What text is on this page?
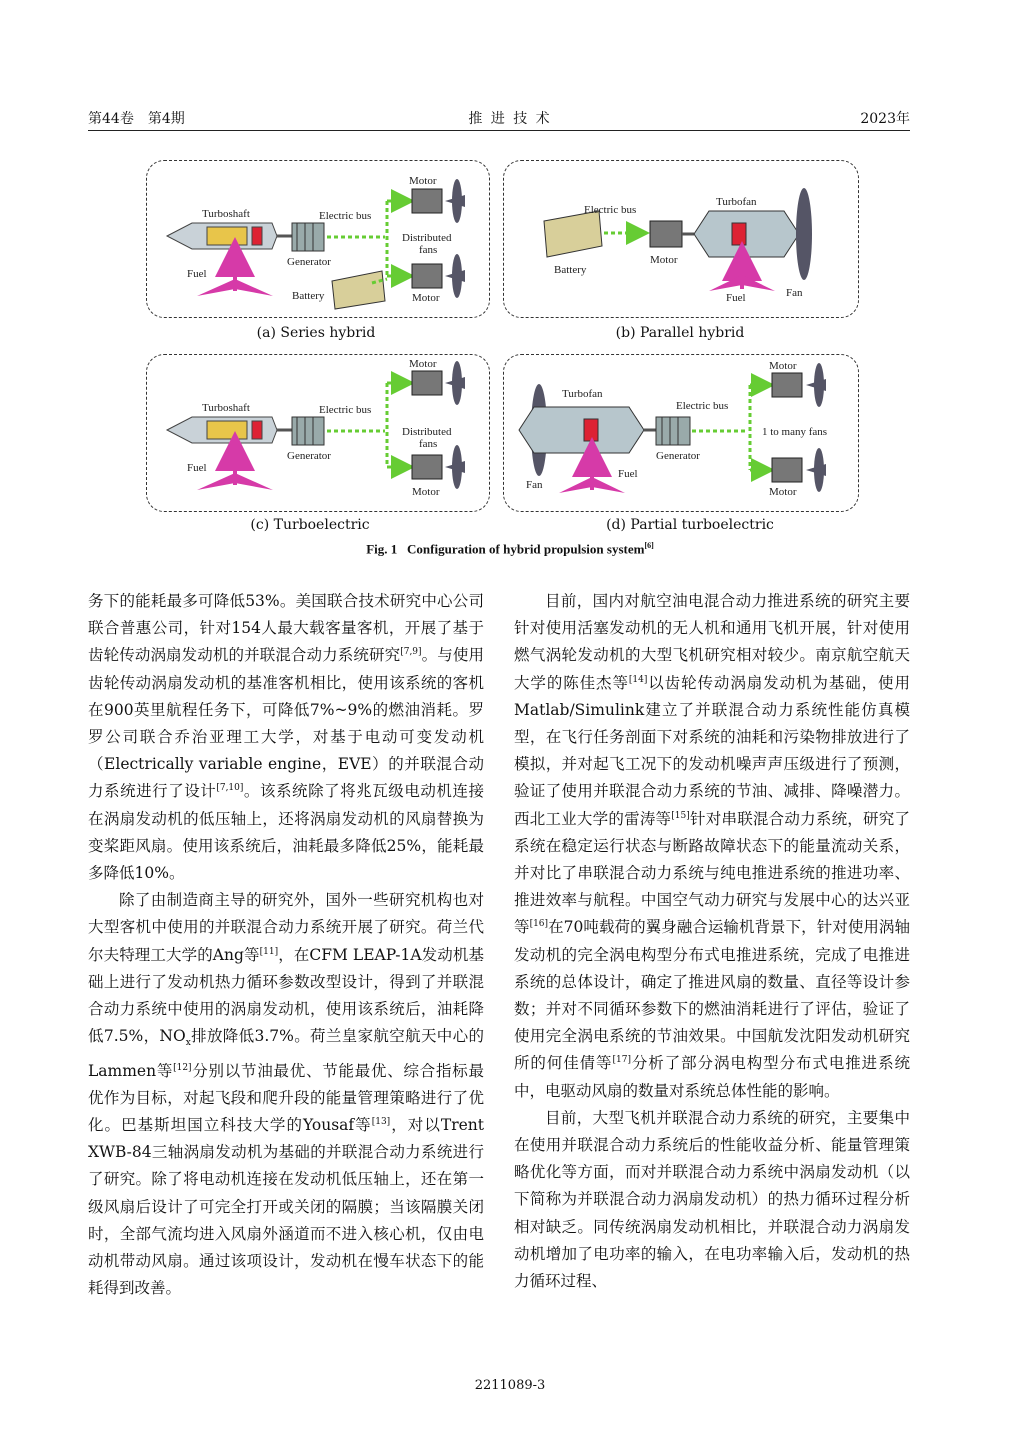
第44卷　第4期	推 进 技 术	2023年
Turboshaft	Electric bus
Motor
Distributed
fans
Generator
Fuel
Battery	Motor
(a) Series hybrid
Electric bus
Turbofan
Battery
Motor
Fuel	Fan
(b) Parallel hybrid
Turboshaft	Electric bus
Motor
Distributed
fans
Generator
Fuel
Motor
(c) Turboelectric
Turbofan
Electric bus
Motor
1 to many fans
Generator
Fuel
Fan
Motor
(d) Partial turboelectric
Fig. 1 Configuration of hybrid propulsion system[6]

务下的能耗最多可降低53%。美国联合技术研究中心公司联合普惠公司，针对154人最大载客量客机，开展了基于齿轮传动涡扇发动机的并联混合动力系统研究[7,9]。与使用齿轮传动涡扇发动机的基准客机相比，使用该系统的客机在900英里航程任务下，可降低7%~9%的燃油消耗。罗罗公司联合乔治亚理工大学，对基于电动可变发动机（Electrically variable engine，EVE）的并联混合动力系统进行了设计[7,10]。该系统除了将兆瓦级电动机连接在涡扇发动机的低压轴上，还将涡扇发动机的风扇替换为变桨距风扇。使用该系统后，油耗最多降低25%，能耗最多降低10%。

除了由制造商主导的研究外，国外一些研究机构也对大型客机中使用的并联混合动力系统开展了研究。荷兰代尔夫特理工大学的Ang等[11]，在CFM LEAP-1A发动机基础上进行了发动机热力循环参数改型设计，得到了并联混合动力系统中使用的涡扇发动机，使用该系统后，油耗降低7.5%，$NO_x$排放降低3.7%。荷兰皇家航空航天中心的Lammen等[12]分别以节油最优、节能最优、综合指标最优作为目标，对起飞段和爬升段的能量管理策略进行了优化。巴基斯坦国立科技大学的Yousaf等[13]，对以Trent XWB-84三轴涡扇发动机为基础的并联混合动力系统进行了研究。除了将电动机连接在发动机低压轴上，还在第一级风扇后设计了可完全打开或关闭的隔膜；当该隔膜关闭时，全部气流均进入风扇外涵道而不进入核心机，仅由电动机带动风扇。通过该项设计，发动机在慢车状态下的能耗得到改善。

目前，国内对航空油电混合动力推进系统的研究主要针对使用活塞发动机的无人机和通用飞机开展，针对使用燃气涡轮发动机的大型飞机研究相对较少。南京航空航天大学的陈佳杰等[14]以齿轮传动涡扇发动机为基础，使用Matlab/Simulink建立了并联混合动力系统性能仿真模型，在飞行任务剖面下对系统的油耗和污染物排放进行了模拟，并对起飞工况下的发动机噪声声压级进行了预测，验证了使用并联混合动力系统的节油、减排、降噪潜力。西北工业大学的雷涛等[15]针对串联混合动力系统，研究了系统在稳定运行状态与断路故障状态下的能量流动关系，并对比了串联混合动力系统与纯电推进系统的推进功率、推进效率与航程。中国空气动力研究与发展中心的达兴亚等[16]在70吨载荷的翼身融合运输机背景下，针对使用涡轴发动机的完全涡电构型分布式电推进系统，完成了电推进系统的总体设计，确定了推进风扇的数量、直径等设计参数；并对不同循环参数下的燃油消耗进行了评估，验证了使用完全涡电系统的节油效果。中国航发沈阳发动机研究所的何佳倩等[17]分析了部分涡电构型分布式电推进系统中，电驱动风扇的数量对系统总体性能的影响。

目前，大型飞机并联混合动力系统的研究，主要集中在使用并联混合动力系统后的性能收益分析、能量管理策略优化等方面，而对并联混合动力系统中涡扇发动机（以下简称为并联混合动力涡扇发动机）的热力循环过程分析相对缺乏。同传统涡扇发动机相比，并联混合动力涡扇发动机增加了电功率的输入，在电功率输入后，发动机的热力循环过程、

2211089-3
